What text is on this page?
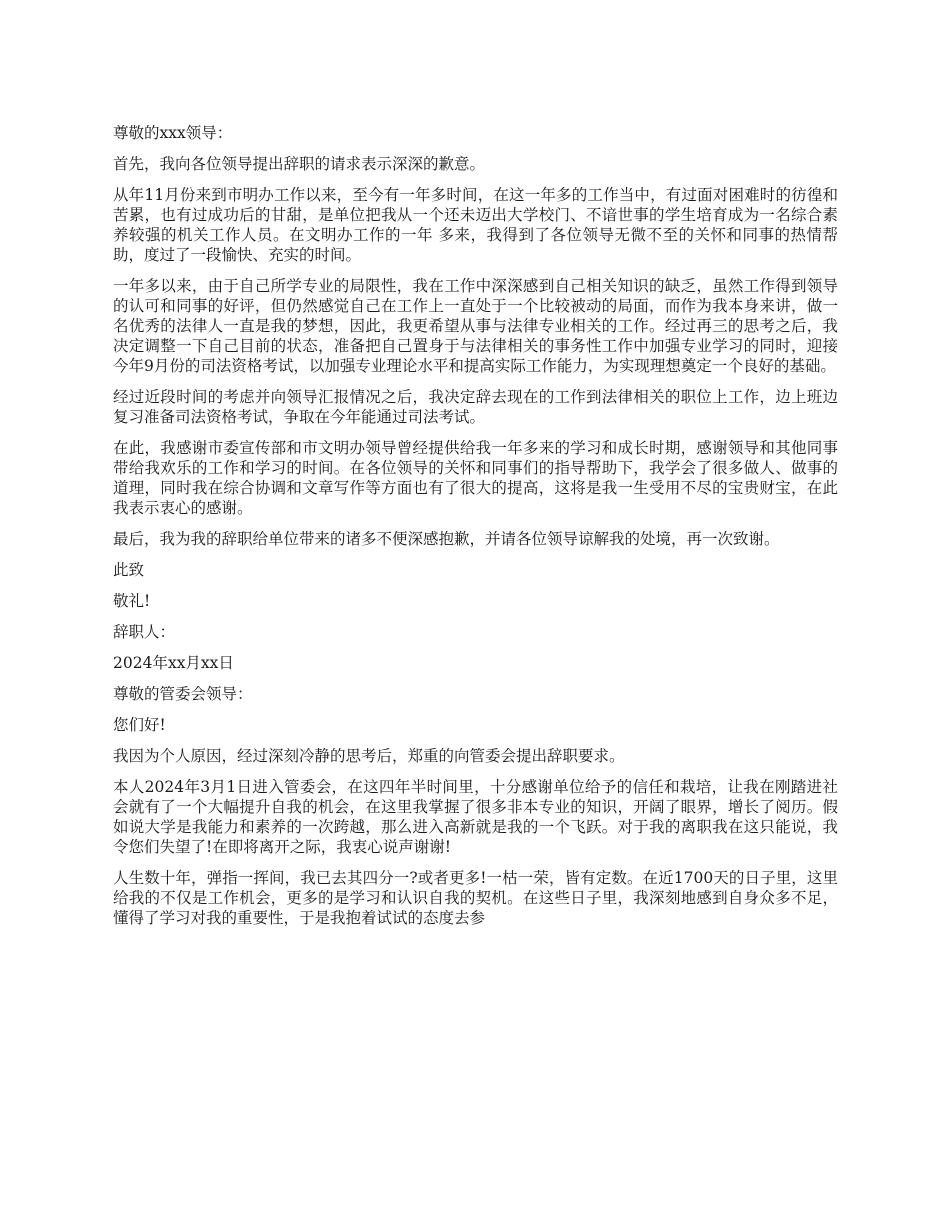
尊敬的xxx领导：

首先，我向各位领导提出辞职的请求表示深深的歉意。

从年11月份来到市明办工作以来，至今有一年多时间，在这一年多的工作当中，有过面对困难时的彷徨和苦累，也有过成功后的甘甜，是单位把我从一个还未迈出大学校门、不谙世事的学生培育成为一名综合素养较强的机关工作人员。在文明办工作的一年 多来，我得到了各位领导无微不至的关怀和同事的热情帮助，度过了一段愉快、充实的时间。

一年多以来，由于自己所学专业的局限性，我在工作中深深感到自己相关知识的缺乏，虽然工作得到领导的认可和同事的好评，但仍然感觉自己在工作上一直处于一个比较被动的局面，而作为我本身来讲，做一名优秀的法律人一直是我的梦想，因此，我更希望从事与法律专业相关的工作。经过再三的思考之后，我决定调整一下自己目前的状态，准备把自己置身于与法律相关的事务性工作中加强专业学习的同时，迎接今年9月份的司法资格考试，以加强专业理论水平和提高实际工作能力，为实现理想奠定一个良好的基础。

经过近段时间的考虑并向领导汇报情况之后，我决定辞去现在的工作到法律相关的职位上工作，边上班边复习准备司法资格考试，争取在今年能通过司法考试。

在此，我感谢市委宣传部和市文明办领导曾经提供给我一年多来的学习和成长时期，感谢领导和其他同事带给我欢乐的工作和学习的时间。在各位领导的关怀和同事们的指导帮助下，我学会了很多做人、做事的道理，同时我在综合协调和文章写作等方面也有了很大的提高，这将是我一生受用不尽的宝贵财宝，在此我表示衷心的感谢。

最后，我为我的辞职给单位带来的诸多不便深感抱歉，并请各位领导谅解我的处境，再一次致谢。

此致

敬礼!

辞职人：

2024年xx月xx日

尊敬的管委会领导：

您们好!

我因为个人原因，经过深刻冷静的思考后，郑重的向管委会提出辞职要求。

本人2024年3月1日进入管委会，在这四年半时间里，十分感谢单位给予的信任和栽培，让我在刚踏进社会就有了一个大幅提升自我的机会，在这里我掌握了很多非本专业的知识，开阔了眼界，增长了阅历。假如说大学是我能力和素养的一次跨越，那么进入高新就是我的一个飞跃。对于我的离职我在这只能说，我令您们失望了!在即将离开之际，我衷心说声谢谢!

人生数十年，弹指一挥间，我已去其四分一?或者更多!一枯一荣，皆有定数。在近1700天的日子里，这里给我的不仅是工作机会，更多的是学习和认识自我的契机。在这些日子里，我深刻地感到自身众多不足，懂得了学习对我的重要性，于是我抱着试试的态度去参
